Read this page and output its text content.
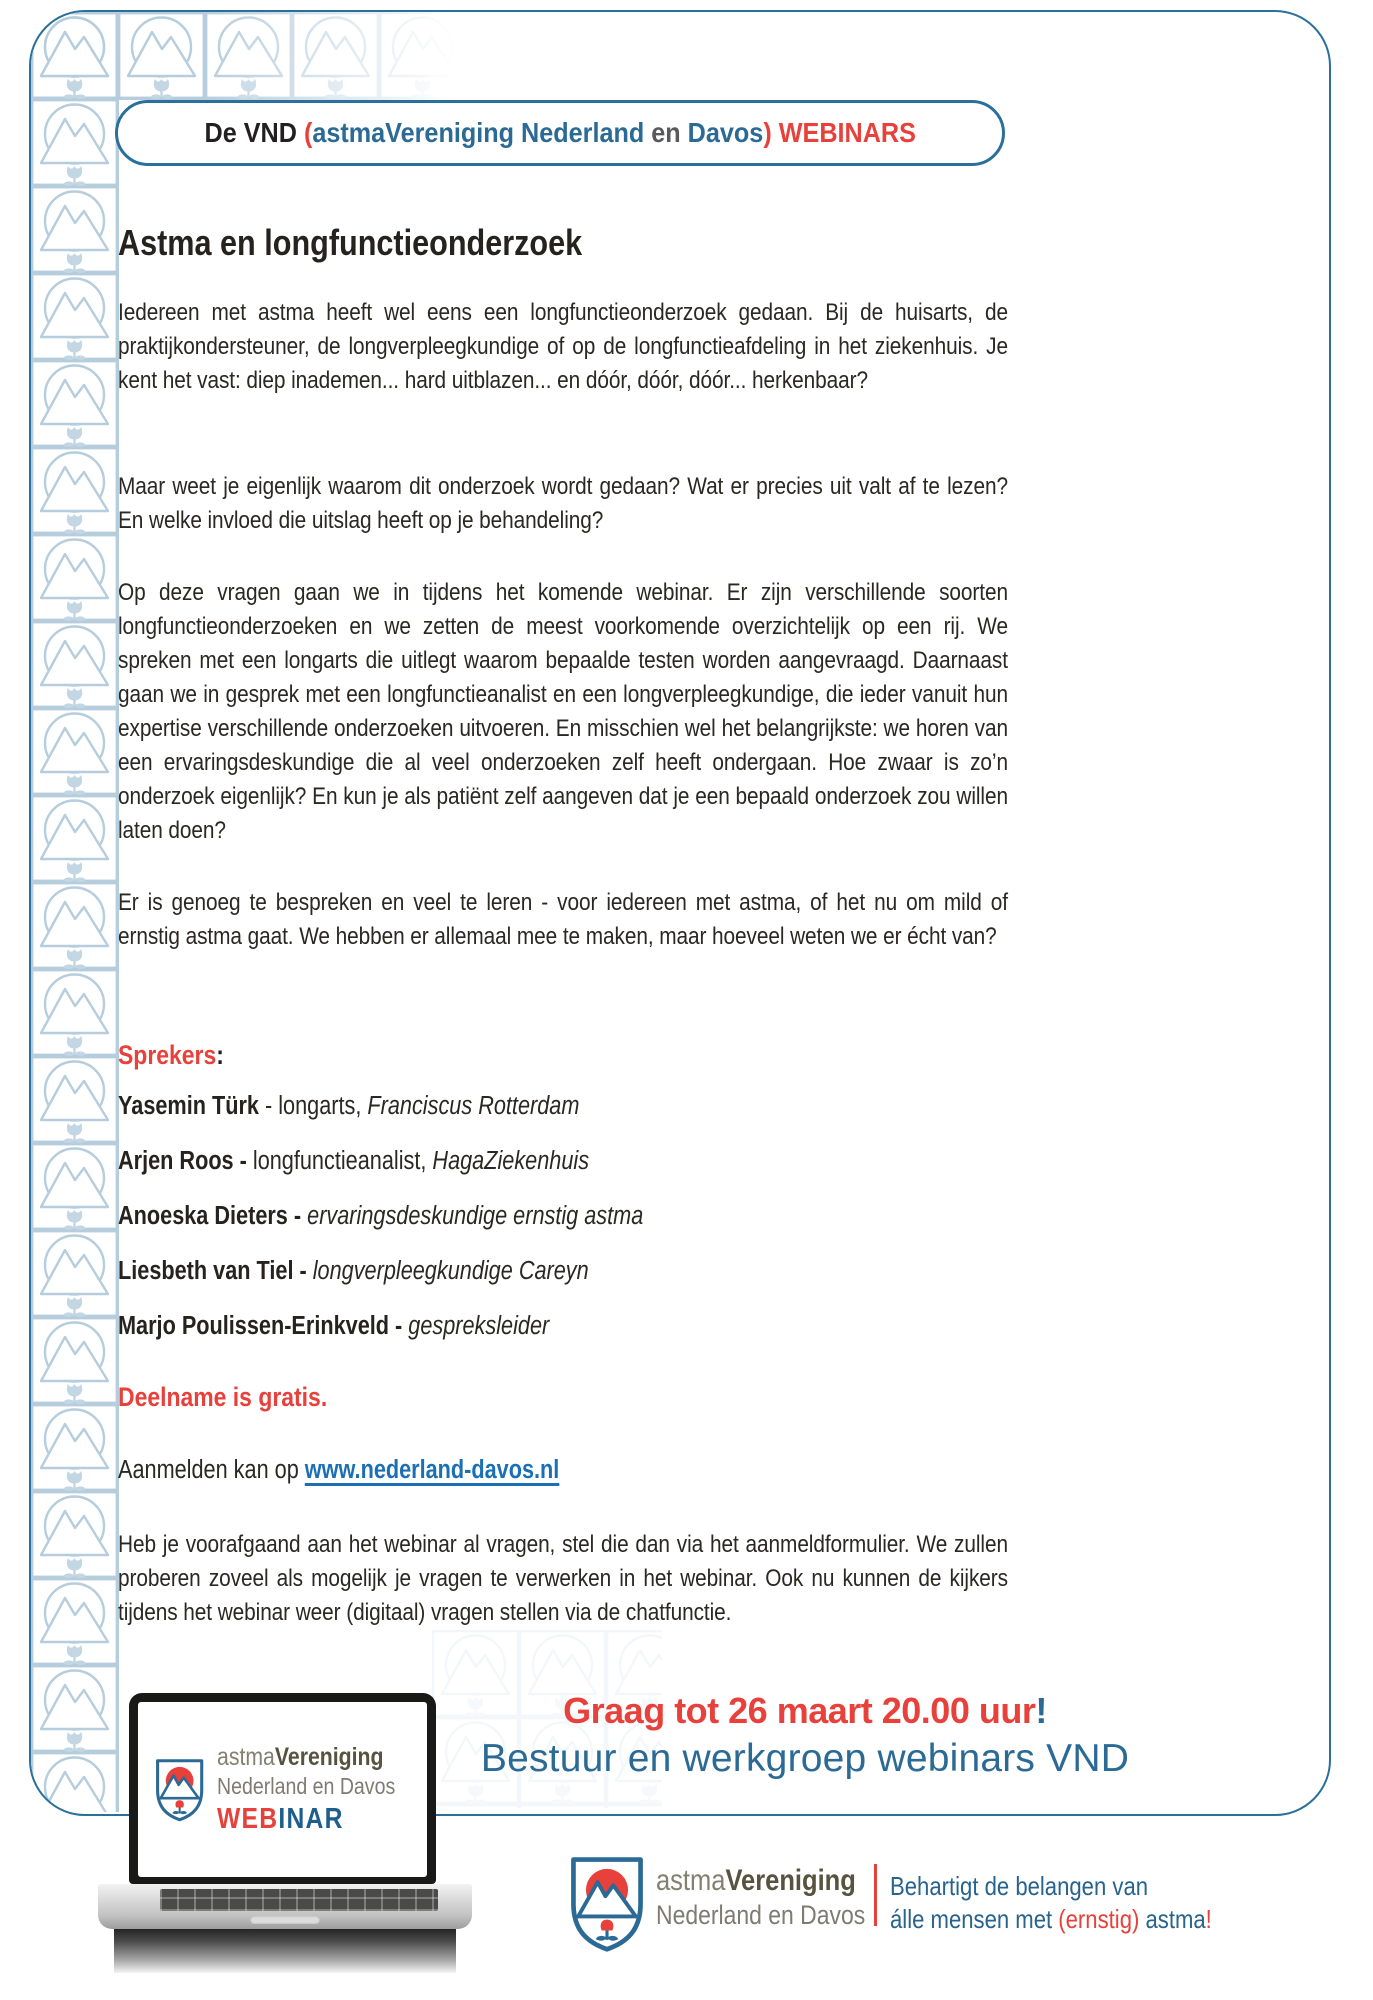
De VND (astmaVereniging Nederland en Davos) WEBINARS
Astma en longfunctieonderzoek
Iedereen met astma heeft wel eens een longfunctieonderzoek gedaan. Bij de huisarts, de praktijkondersteuner, de longverpleegkundige of op de longfunctieafdeling in het ziekenhuis. Je kent het vast: diep inademen... hard uitblazen... en dóór, dóór, dóór... herkenbaar?
Maar weet je eigenlijk waarom dit onderzoek wordt gedaan? Wat er precies uit valt af te lezen? En welke invloed die uitslag heeft op je behandeling?
Op deze vragen gaan we in tijdens het komende webinar. Er zijn verschillende soorten longfunctieonderzoeken en we zetten de meest voorkomende overzichtelijk op een rij. We spreken met een longarts die uitlegt waarom bepaalde testen worden aangevraagd. Daarnaast gaan we in gesprek met een longfunctieanalist en een longverpleegkundige, die ieder vanuit hun expertise verschillende onderzoeken uitvoeren. En misschien wel het belangrijkste: we horen van een ervaringsdeskundige die al veel onderzoeken zelf heeft ondergaan. Hoe zwaar is zo’n onderzoek eigenlijk? En kun je als patiënt zelf aangeven dat je een bepaald onderzoek zou willen laten doen?
Er is genoeg te bespreken en veel te leren - voor iedereen met astma, of het nu om mild of ernstig astma gaat. We hebben er allemaal mee te maken, maar hoeveel weten we er écht van?
Sprekers:
Yasemin Türk - longarts, Franciscus Rotterdam
Arjen Roos - longfunctieanalist, HagaZiekenhuis
Anoeska Dieters - ervaringsdeskundige ernstig astma
Liesbeth van Tiel - longverpleegkundige Careyn
Marjo Poulissen-Erinkveld - gespreksleider
Deelname is gratis.
Aanmelden kan op www.nederland-davos.nl
Heb je voorafgaand aan het webinar al vragen, stel die dan via het aanmeldformulier. We zullen proberen zoveel als mogelijk je vragen te verwerken in het webinar. Ook nu kunnen de kijkers tijdens het webinar weer (digitaal) vragen stellen via de chatfunctie.
Graag tot 26 maart 20.00 uur!
Bestuur en werkgroep webinars VND
astmaVereniging
Nederland en Davos
WEBINAR
astmaVereniging
Nederland en Davos
Behartigt de belangen van
álle mensen met (ernstig) astma!
